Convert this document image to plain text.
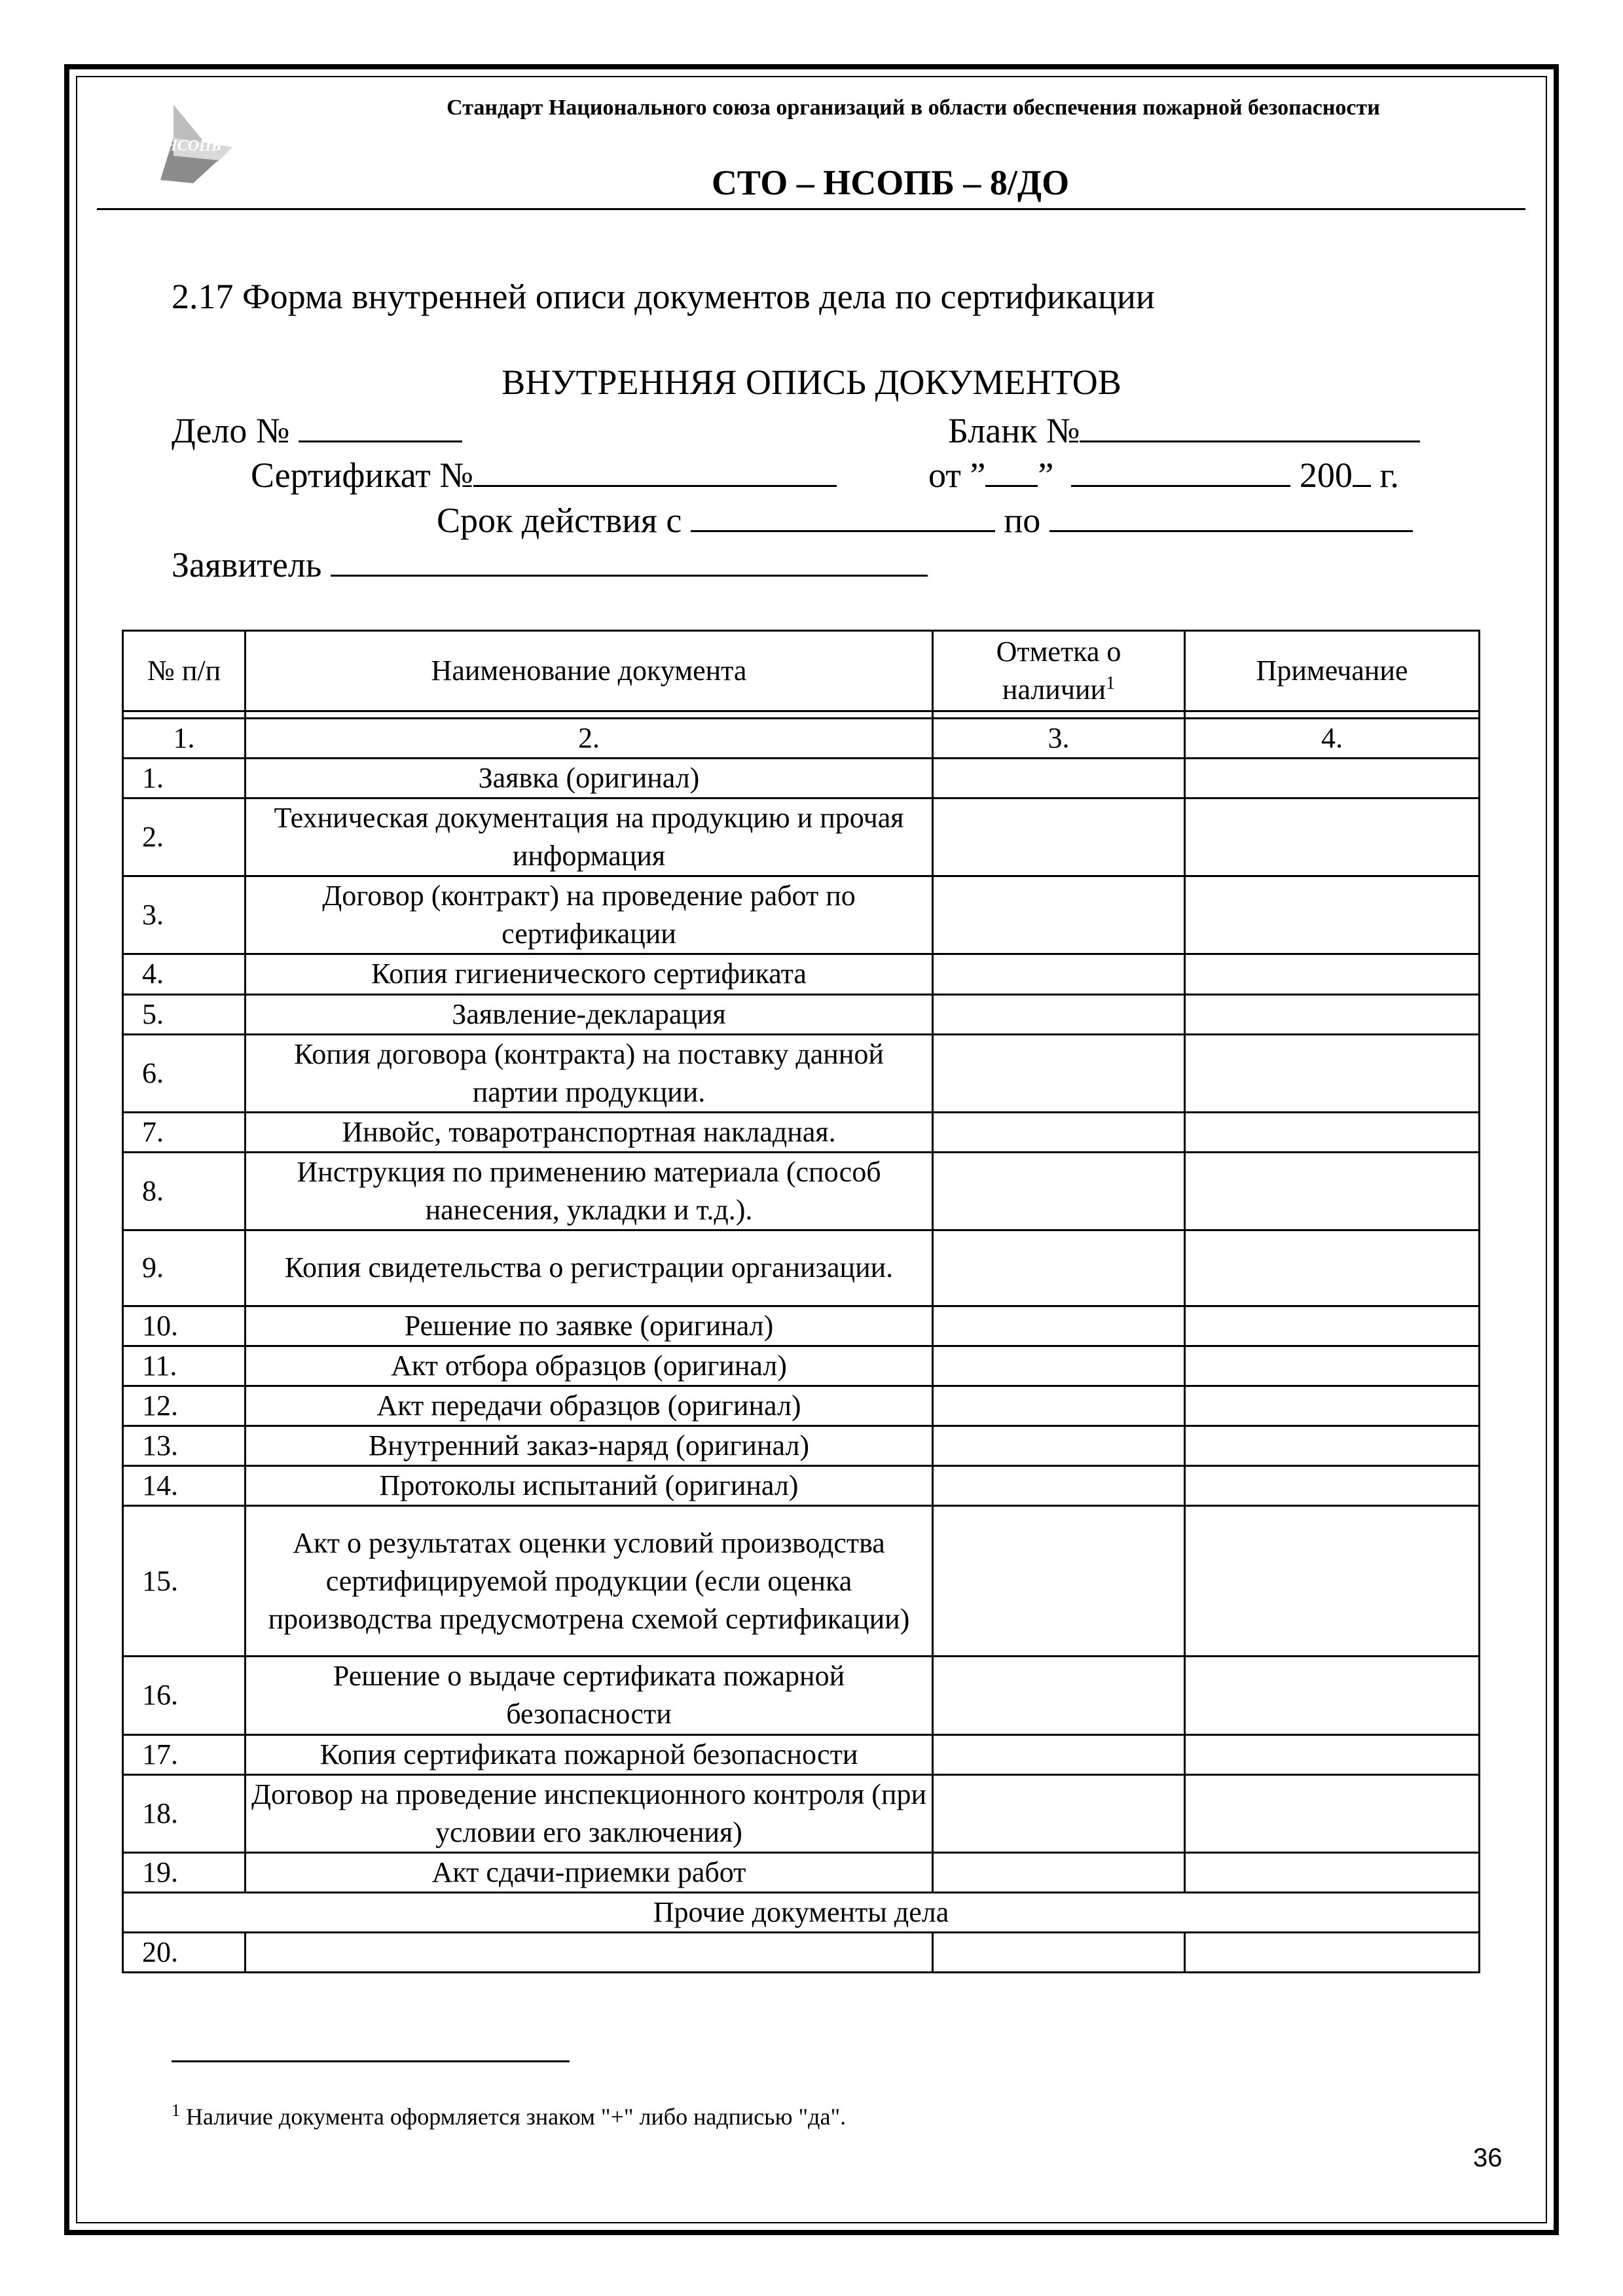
НСОПБ
Стандарт Национального союза организаций в области обеспечения пожарной безопасности
СТО – НСОПБ – 8/ДО
2.17 Форма внутренней описи документов дела по сертификации
ВНУТРЕННЯЯ ОПИСЬ ДОКУМЕНТОВ
Дело №	Бланк №
Сертификат №	от ” ”	200 г.
Срок действия с	по
Заявитель
№ п/п	Наименование документа	Отметка о наличии$^1$	Примечание

1.	2.	3.	4.
1.	Заявка (оригинал)		
2.	Техническая документация на продукцию и прочая информация		
3.	Договор (контракт) на проведение работ по сертификации		
4.	Копия гигиенического сертификата		
5.	Заявление-декларация		
6.	Копия договора (контракта) на поставку данной партии продукции.		
7.	Инвойс, товаротранспортная накладная.		
8.	Инструкция по применению материала (способ нанесения, укладки и т.д.).		
9.	Копия свидетельства о регистрации организации.		
10.	Решение по заявке (оригинал)		
11.	Акт отбора образцов (оригинал)		
12.	Акт передачи образцов (оригинал)		
13.	Внутренний заказ-наряд (оригинал)		
14.	Протоколы испытаний (оригинал)		
15.	Акт о результатах оценки условий производства сертифицируемой продукции (если оценка производства предусмотрена схемой сертификации)		
16.	Решение о выдаче сертификата пожарной безопасности		
17.	Копия сертификата пожарной безопасности		
18.	Договор на проведение инспекционного контроля (при условии его заключения)		
19.	Акт сдачи-приемки работ		
Прочие документы дела			
20.			
$^1$ Наличие документа оформляется знаком "+" либо надписью "да".
36
